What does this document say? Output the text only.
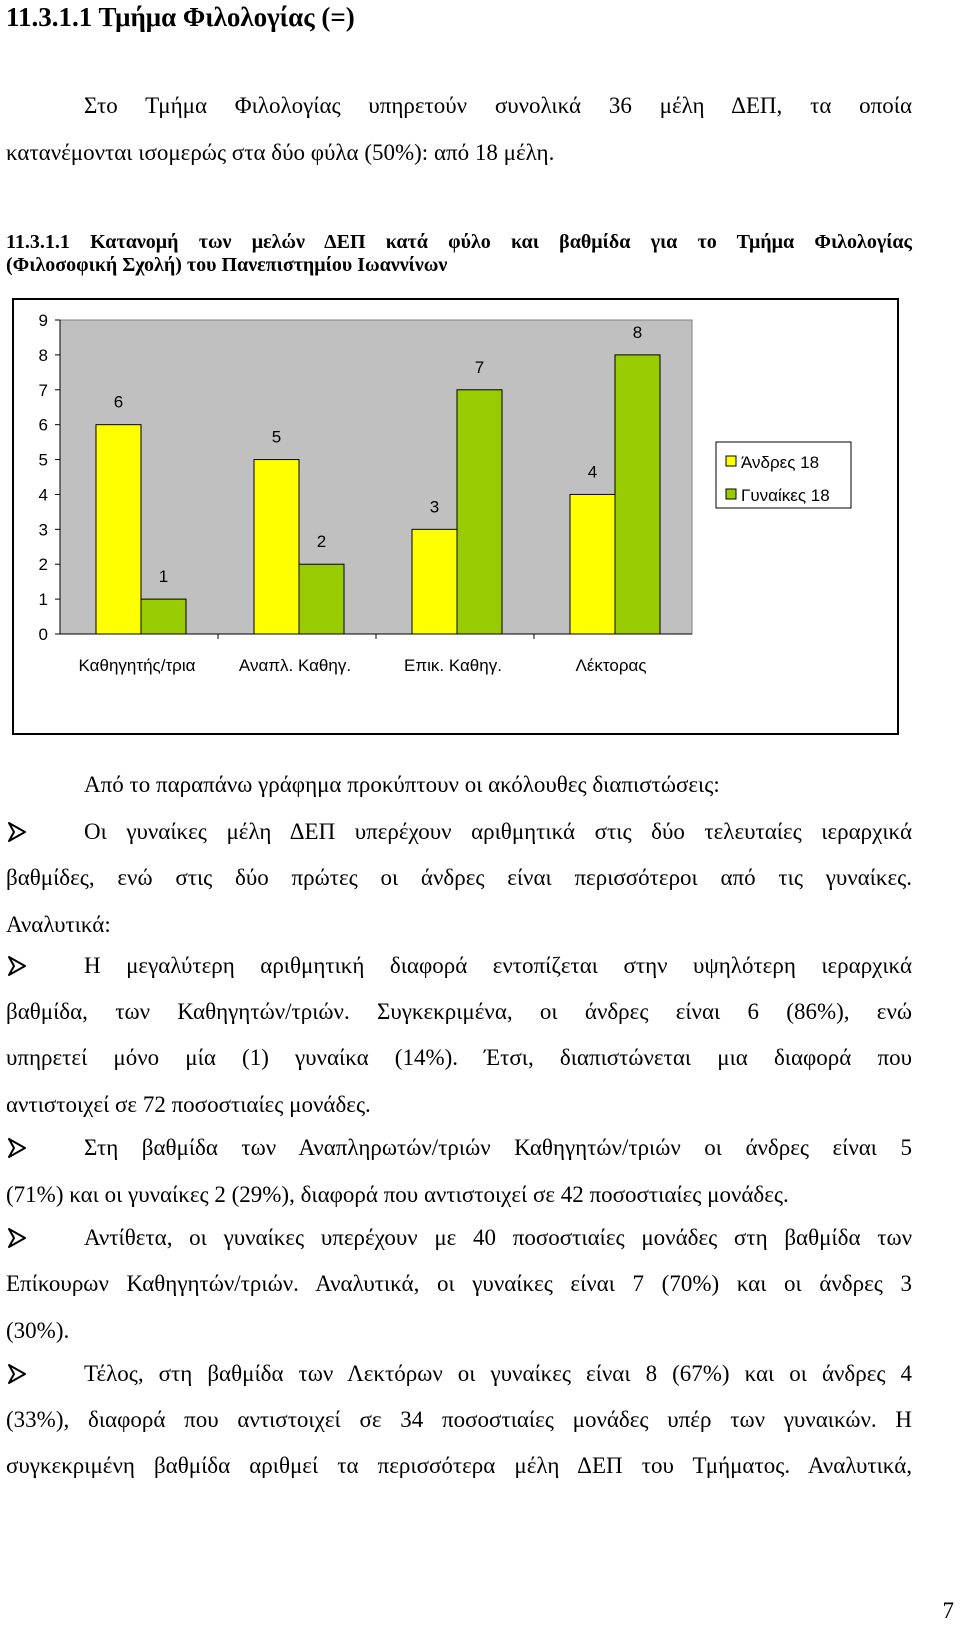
11.3.1.1 Τμήμα Φιλολογίας (=)
Στο Τμήμα Φιλολογίας υπηρετούν συνολικά 36 μέλη ΔΕΠ, τα οποία
κατανέμονται ισομερώς στα δύο φύλα (50%): από 18 μέλη.
11.3.1.1 Κατανομή των μελών ΔΕΠ κατά φύλο και βαθμίδα για το Τμήμα Φιλολογίας
(Φιλοσοφική Σχολή) του Πανεπιστημίου Ιωαννίνων
0
1
2
3
4
5
6
7
8
9
6
1
Καθηγητής/τρια
5
2
Αναπλ. Καθηγ.
3
7
Επικ. Καθηγ.
4
8
Λέκτορας
Άνδρες 18
Γυναίκες 18
Από το παραπάνω γράφημα προκύπτουν οι ακόλουθες διαπιστώσεις:
Οι γυναίκες μέλη ΔΕΠ υπερέχουν αριθμητικά στις δύο τελευταίες ιεραρχικά
βαθμίδες, ενώ στις δύο πρώτες οι άνδρες είναι περισσότεροι από τις γυναίκες.
Αναλυτικά:
Η μεγαλύτερη αριθμητική διαφορά εντοπίζεται στην υψηλότερη ιεραρχικά
βαθμίδα, των Καθηγητών/τριών. Συγκεκριμένα, οι άνδρες είναι 6 (86%), ενώ
υπηρετεί μόνο μία (1) γυναίκα (14%). Έτσι, διαπιστώνεται μια διαφορά που
αντιστοιχεί σε 72 ποσοστιαίες μονάδες.
Στη βαθμίδα των Αναπληρωτών/τριών Καθηγητών/τριών οι άνδρες είναι 5
(71%) και οι γυναίκες 2 (29%), διαφορά που αντιστοιχεί σε 42 ποσοστιαίες μονάδες.
Αντίθετα, οι γυναίκες υπερέχουν με 40 ποσοστιαίες μονάδες στη βαθμίδα των
Επίκουρων Καθηγητών/τριών. Αναλυτικά, οι γυναίκες είναι 7 (70%) και οι άνδρες 3
(30%).
Τέλος, στη βαθμίδα των Λεκτόρων οι γυναίκες είναι 8 (67%) και οι άνδρες 4
(33%), διαφορά που αντιστοιχεί σε 34 ποσοστιαίες μονάδες υπέρ των γυναικών. Η
συγκεκριμένη βαθμίδα αριθμεί τα περισσότερα μέλη ΔΕΠ του Τμήματος. Αναλυτικά,
7
